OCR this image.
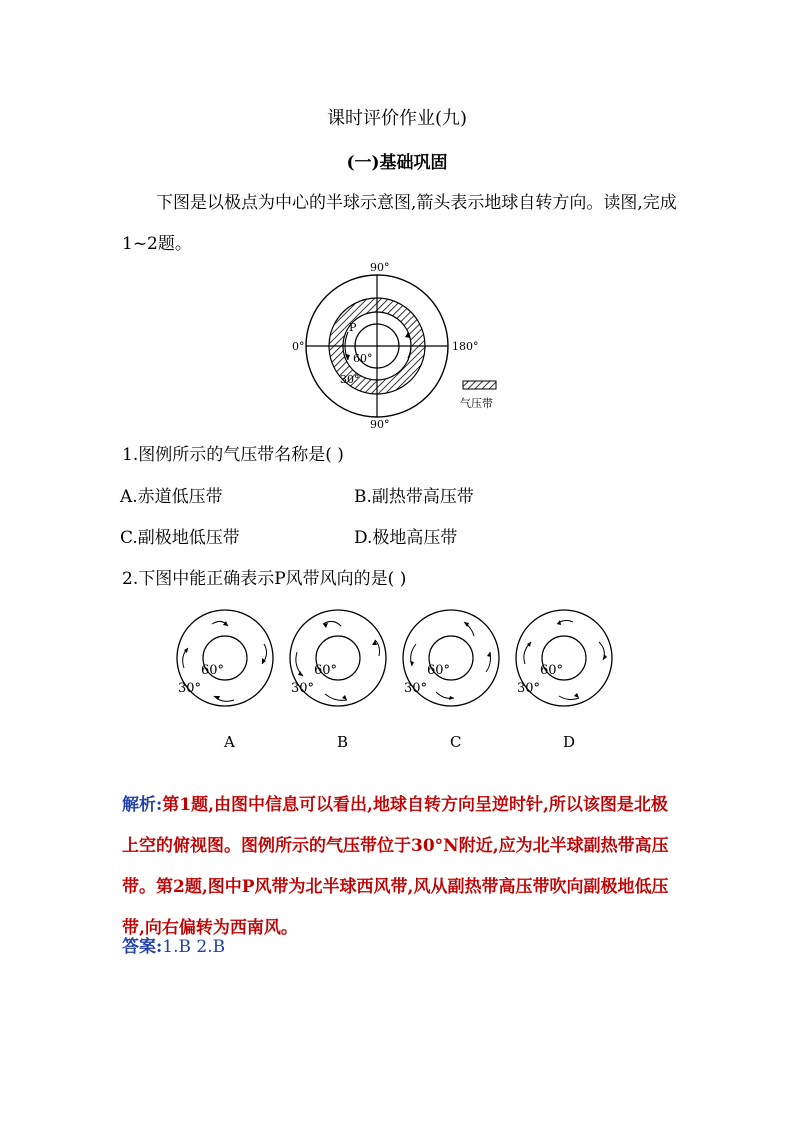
课时评价作业(九)
(一)基础巩固
下图是以极点为中心的半球示意图,箭头表示地球自转方向。读图,完成1~2题。
90°
90°
0°	180°
P
60°
30°
气压带
1.图例所示的气压带名称是( )
A.赤道低压带	B.副热带高压带
C.副极地低压带	D.极地高压带
2.下图中能正确表示P风带风向的是( )
60°
30°
A
60°
30°
B
60°
30°
C
60°
30°
D
解析:第1题,由图中信息可以看出,地球自转方向呈逆时针,所以该图是北极上空的俯视图。图例所示的气压带位于30°N附近,应为北半球副热带高压带。第2题,图中P风带为北半球西风带,风从副热带高压带吹向副极地低压带,向右偏转为西南风。
答案:1.B 2.B
